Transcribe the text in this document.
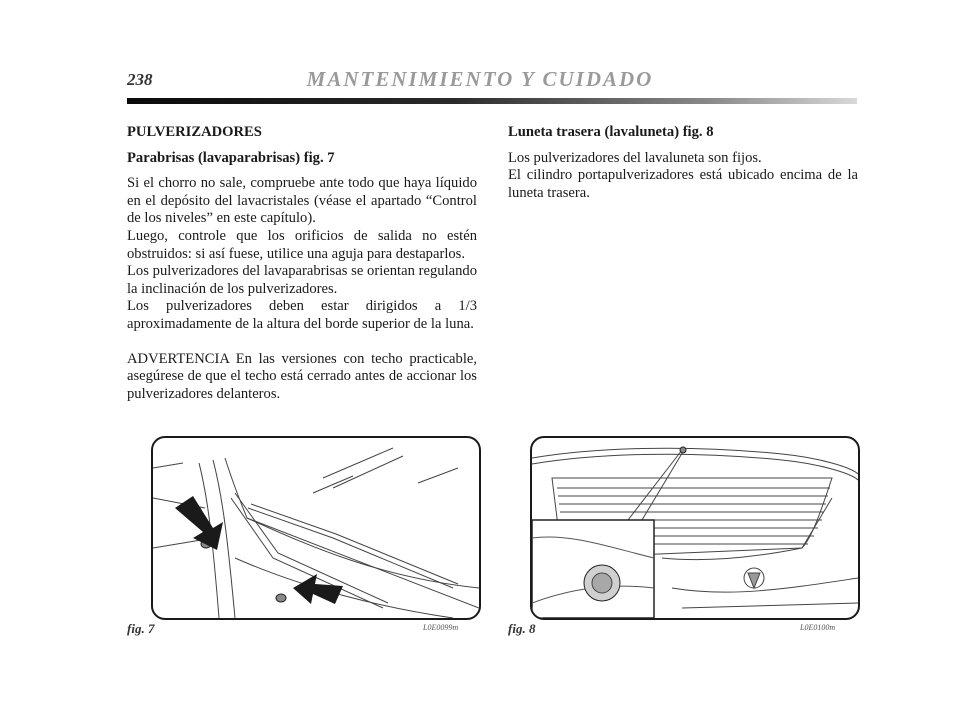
238	MANTENIMIENTO Y CUIDADO

PULVERIZADORES

Parabrisas (lavaparabrisas) fig. 7

Si el chorro no sale, compruebe ante todo que haya líquido en el depósito del lavacristales (véase el apartado “Control de los niveles” en este capítulo).

Luego, controle que los orificios de salida no estén obstruidos: si así fuese, utilice una aguja para destaparlos.

Los pulverizadores del lavaparabrisas se orientan regulando la inclinación de los pulverizadores.

Los pulverizadores deben estar dirigidos a 1/3 aproximadamente de la altura del borde superior de la luna.

ADVERTENCIA En las versiones con techo practicable, asegúrese de que el techo está cerrado antes de accionar los pulverizadores delanteros.

Luneta trasera (lavaluneta) fig. 8

Los pulverizadores del lavaluneta son fijos.

El cilindro portapulverizadores está ubicado encima de la luneta trasera.

fig. 7	L0E0099m	fig. 8	L0E0100m
